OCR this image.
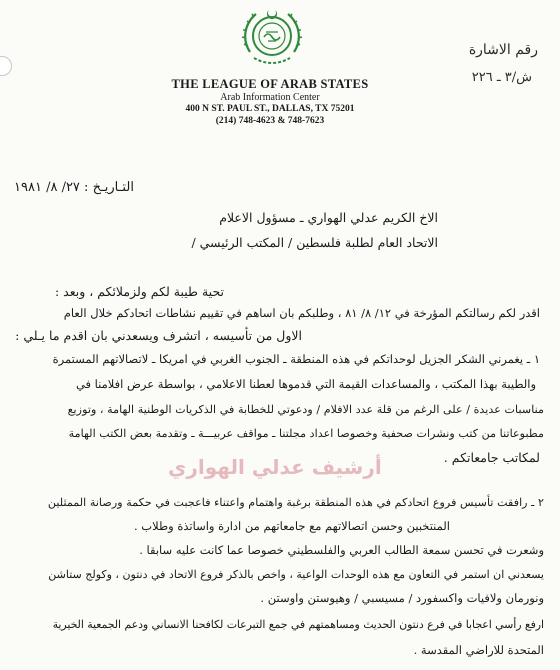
THE LEAGUE OF ARAB STATES
Arab Information Center
400 N ST. PAUL ST., DALLAS, TX 75201
(214) 748-4623 & 748-7623
رقم الاشارة
ش/٣ ـ ٢٢٦
التـاريـخ : ٢٧/ ٨/ ١٩٨١
الاخ الكريم عدلي الهواري ـ مسؤول الاعلام
الاتحاد العام لطلبة فلسطين / المكتب الرئيسي /
تحية طيبة لكم ولزملائكم ، وبعد :
اقدر لكم رسالتكم المؤرخة في ١٢/ ٨/ ٨١ ، وطلبكم بان اساهم في تقييم نشاطات اتحادكم خلال العام
الاول من تأسيسه ، اتشرف ويسعدني بان اقدم ما يـلي :
١ ـ يغمرني الشكر الجزيل لوحداتكم في هذه المنطقة ـ الجنوب الغربي في امريكا ـ لاتصالاتهم المستمرة
والطيبة بهذا المكتب ، والمساعدات القيمة التي قدموها لعطنا الاعلامي ، بواسطة عرض افلامنا في
مناسبات عديدة / على الرغم من قلة عدد الافلام / ودعوتي للخطابة في الذكريات الوطنية الهامة ، وتوزيع
مطبوعاتنا من كتب ونشرات صحفية وخصوصا اعداد مجلتنا ـ مواقف عربيـــة ـ وتقدمة بعض الكتب الهامة
لمكاتب جامعاتكم .
أرشيف عدلي الهواري
٢ ـ رافقت تأسيس فروع اتحادكم في هذه المنطقة برغبة واهتمام واعتناء فاعجبت في حكمة ورصانة الممثلين
المنتخبين وحسن اتصالاتهم مع جامعاتهم من ادارة واساتذة وطلاب .
وشعرت في تحسن سمعة الطالب العربي والفلسطيني خصوصا عما كانت عليه سابقا .
يسعدني ان استمر في التعاون مع هذه الوحدات الواعية ، واخص بالذكر فروع الاتحاد في دنتون ، وكولج ستاشن
ونورمان ولافيات واكسفورد / مسيسبي / وهيوستن واوستن .
ارفع رأسي اعجابا في فرع دنتون الحديث ومساهمتهم في جمع التبرعات لكافحنا الانساني ودعم الجمعية الخيرية
المتحدة للاراضي المقدسة .
